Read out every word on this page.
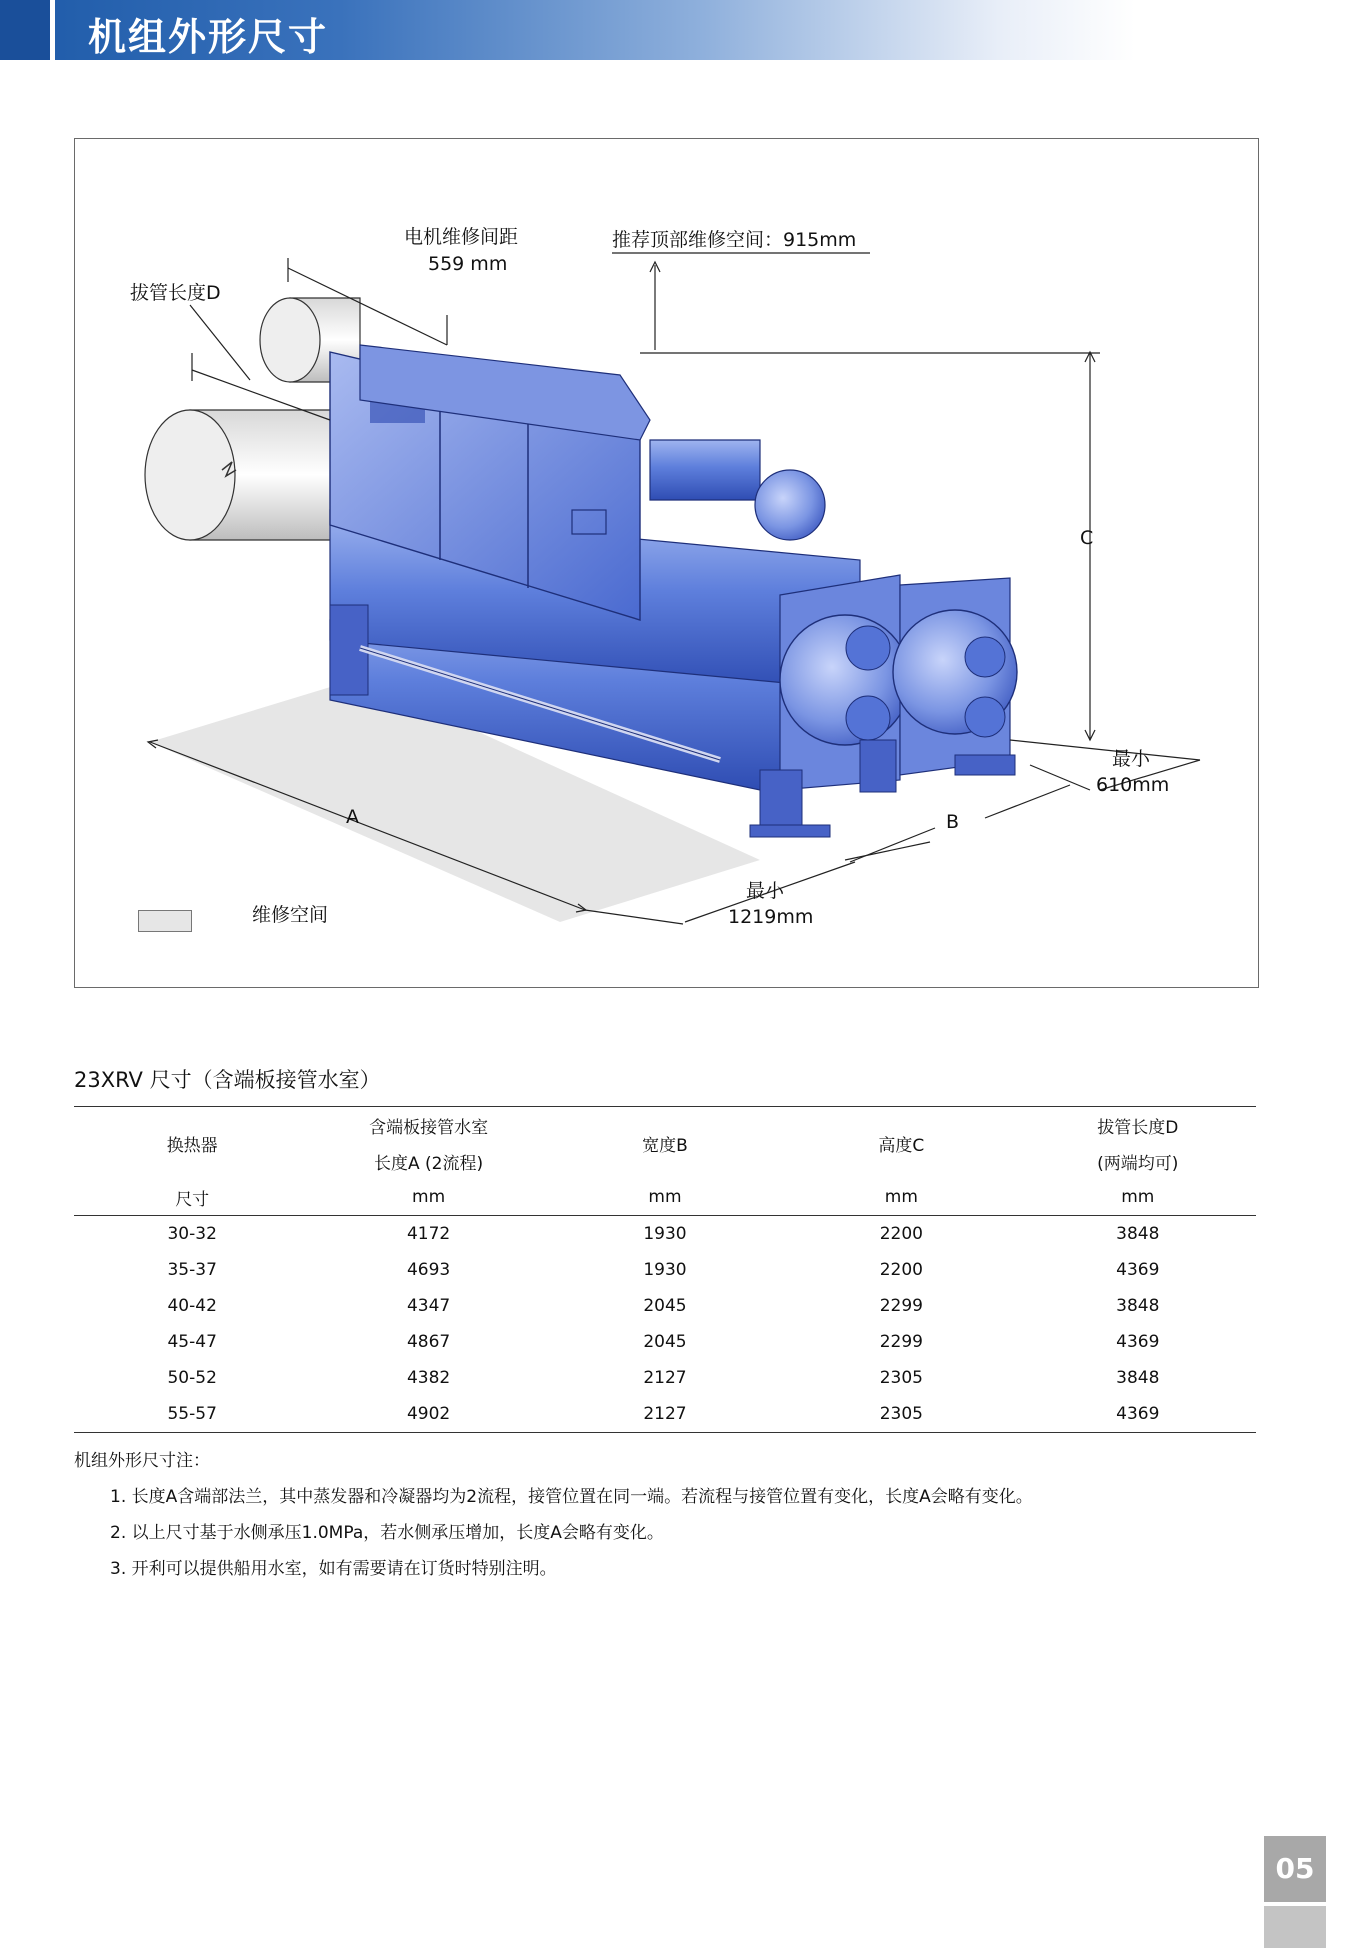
机组外形尺寸
电机维修间距
559 mm
推荐顶部维修空间：915mm
拔管长度D
C
A	B
最小
610mm
最小
1219mm
维修空间
23XRV 尺寸（含端板接管水室）
换热器	含端板接管水室	宽度B	高度C	拔管长度D
	长度A (2流程)			(两端均可)
尺寸	mm	mm	mm	mm
30-32	4172	1930	2200	3848
35-37	4693	1930	2200	4369
40-42	4347	2045	2299	3848
45-47	4867	2045	2299	4369
50-52	4382	2127	2305	3848
55-57	4902	2127	2305	4369
机组外形尺寸注：
1. 长度A含端部法兰，其中蒸发器和冷凝器均为2流程，接管位置在同一端。若流程与接管位置有变化，长度A会略有变化。
2. 以上尺寸基于水侧承压1.0MPa，若水侧承压增加，长度A会略有变化。
3. 开利可以提供船用水室，如有需要请在订货时特别注明。
05
